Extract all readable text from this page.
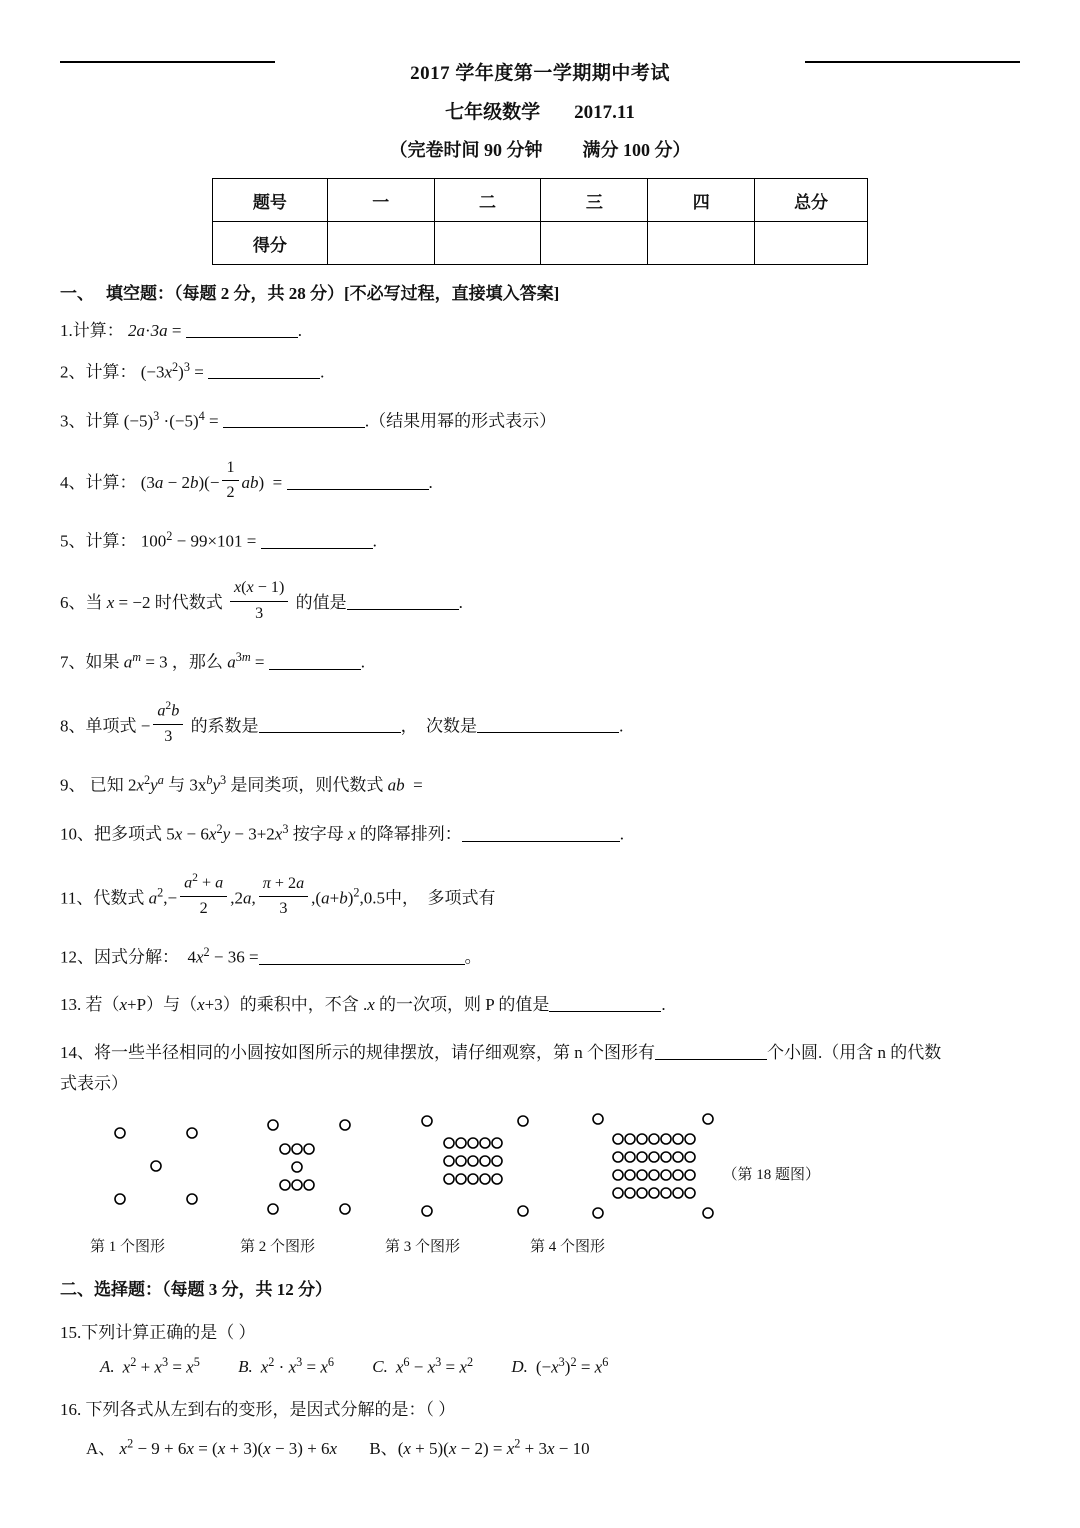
2017 学年度第一学期期中考试
七年级数学 2017.11
（完卷时间 90 分钟 满分 100 分）
题号	一	二	三	四	总分
得分					
一、 填空题：（每题 2 分，共 28 分）[不必写过程，直接填入答案]
1.计算： 2a·3a =	.
2、计算： $(-3x^2)^3$ =	.
3、计算 $(-5)^3 \cdot(-5)^4$ =	.（结果用幂的形式表示）
4、计算： $(3a - 2b)(- \frac{1}{2} ab)$  =	.
5、计算： $100^2 - 99\times 101$ =	.
6、当 x = −2 时代数式 $\frac{x(x - 1)}{3}$ 的值是	.
7、如果 $a^m = 3$ ，那么 $a^{3m}$ =	.
8、单项式 − $\frac{a^2b}{3}$ 的系数是	，  次数是	.
9、 已知 $2x^2y^a$ 与 $3x^by^3$ 是同类项，则代数式 ab  =
10、把多项式 $5x - 6x^2y - 3+2x^3$ 按字母 x 的降幂排列：	.
11、代数式 $a^2,- \frac{a^2 + a}{2} ,2a$, $\frac{\pi + 2a}{3} ,(a+b)^2,0.5$中，  多项式有
12、因式分解：  $4x^2 - 36$ =	。
13. 若（x+P）与（x+3）的乘积中，不含 .x 的一次项，则 P 的值是	.
14、将一些半径相同的小圆按如图所示的规律摆放，请仔细观察，第 n 个图形有	个小圆.（用含 n 的代数
式表示）
（第 18 题图）
第 1 个图形	第 2 个图形	第 3 个图形	第 4 个图形
二、选择题：（每题 3 分，共 12 分）
15.下列计算正确的是（ ）
A. $x^2 + x^3 = x^5$ B. $x^2 \cdot x^3 = x^6$ C. $x^6 - x^3 = x^2$ D. $(-x^3)^2 = x^6$
16. 下列各式从左到右的变形，是因式分解的是：（ ）
A、 $x^2 - 9 + 6x = (x + 3)(x - 3) + 6x$ B、$(x + 5)(x - 2) = x^2 + 3x - 10$
